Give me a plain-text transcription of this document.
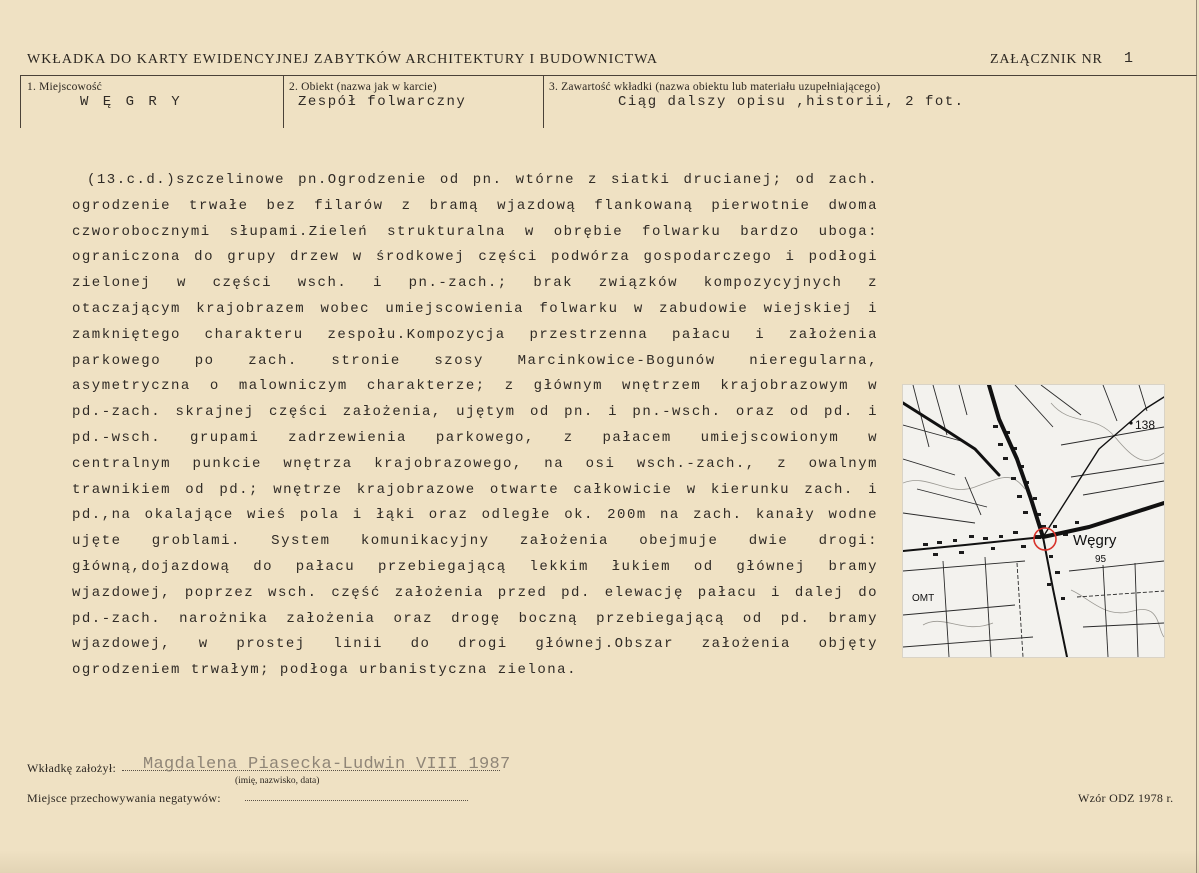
WKŁADKA DO KARTY EWIDENCYJNEJ ZABYTKÓW ARCHITEKTURY I BUDOWNICTWA	ZAŁĄCZNIK NR 1
1. Miejscowość
W Ę G R Y
2. Obiekt (nazwa jak w karcie)
Zespół folwarczny
3. Zawartość wkładki (nazwa obiektu lub materiału uzupełniającego)
Ciąg dalszy opisu ,historii, 2 fot.
(13.c.d.)szczelinowe pn.Ogrodzenie od pn. wtórne z siatki drucianej; od zach.
ogrodzenie trwałe bez filarów z bramą wjazdową flankowaną pierwotnie dwoma
czworobocznymi słupami.Zieleń strukturalna w obrębie folwarku bardzo uboga:
ograniczona do grupy drzew w środkowej części podwórza gospodarczego i podłogi
zielonej w części wsch. i pn.-zach.; brak związków kompozycyjnych z
otaczającym krajobrazem wobec umiejscowienia folwarku w zabudowie wiejskiej i
zamkniętego charakteru zespołu.Kompozycja przestrzenna pałacu i założenia
parkowego po zach. stronie szosy Marcinkowice-Bogunów nieregularna,
asymetryczna o malowniczym charakterze; z głównym wnętrzem krajobrazowym w
pd.-zach. skrajnej części założenia, ujętym od pn. i pn.-wsch. oraz od pd. i
pd.-wsch. grupami zadrzewienia parkowego, z pałacem umiejscowionym w
centralnym punkcie wnętrza krajobrazowego, na osi wsch.-zach., z owalnym
trawnikiem od pd.; wnętrze krajobrazowe otwarte całkowicie w kierunku zach. i
pd.,na okalające wieś pola i łąki oraz odległe ok. 200m na zach. kanały wodne
ujęte groblami. System komunikacyjny założenia obejmuje dwie drogi:
główną,dojazdową do pałacu przebiegającą lekkim łukiem od głównej bramy
wjazdowej, poprzez wsch. część założenia przed pd. elewację pałacu i dalej do
pd.-zach. narożnika założenia oraz drogę boczną przebiegającą od pd. bramy
wjazdowej, w prostej linii do drogi głównej.Obszar założenia objęty
ogrodzeniem trwałym; podłoga urbanistyczna zielona.
138
Węgry
95
OMT
Wkładkę założył: Magdalena Piasecka-Ludwin VIII 1987
(imię, nazwisko, data)
Miejsce przechowywania negatywów:	Wzór ODZ 1978 r.
